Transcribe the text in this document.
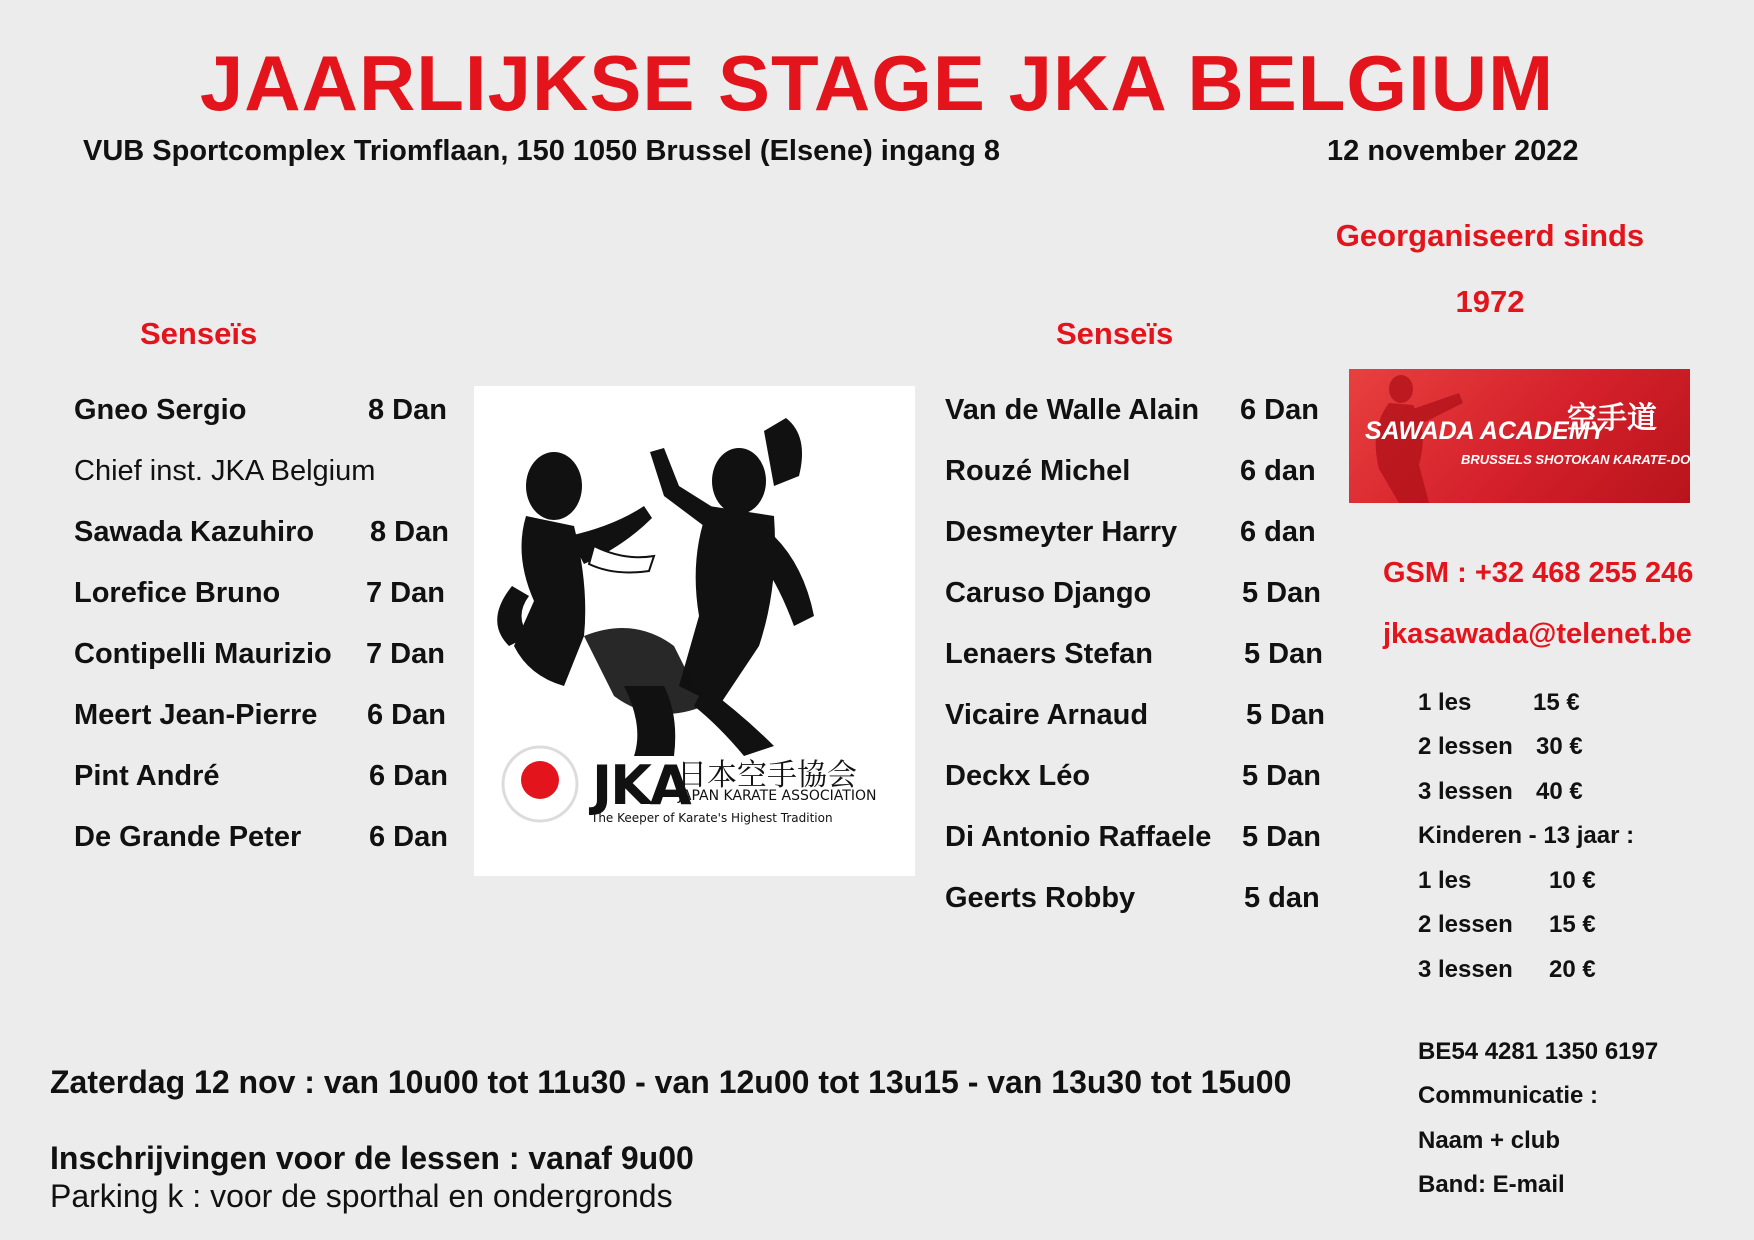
JAARLIJKSE STAGE JKA BELGIUM
VUB Sportcomplex Triomflaan, 150 1050 Brussel (Elsene) ingang 8	12 november 2022
Georganiseerd sinds
1972
Senseïs
Gneo Sergio	8 Dan
Chief inst. JKA Belgium
Sawada Kazuhiro 8 Dan
Lorefice Bruno	7 Dan
Contipelli Maurizio 7 Dan
Meert Jean-Pierre 6 Dan
Pint André	6 Dan
De Grande Peter 6 Dan
JKA
日本空手協会
JAPAN KARATE ASSOCIATION
The Keeper of Karate's Highest Tradition
Senseïs
Van de Walle Alain 6 Dan
Rouzé Michel	6 dan
Desmeyter Harry 6 dan
Caruso Django	5 Dan
Lenaers Stefan	5 Dan
Vicaire Arnaud	5 Dan
Deckx Léo	5 Dan
Di Antonio Raffaele 5 Dan
Geerts Robby	5 dan
SAWADA ACADEMY
BRUSSELS SHOTOKAN KARATE-DO
空手道
GSM : +32 468 255 246
jkasawada@telenet.be
1 les	15 €
2 lessen 30 €
3 lessen 40 €
Kinderen - 13 jaar :
1 les	10 €
2 lessen 15 €
3 lessen 20 €
BE54 4281 1350 6197
Communicatie :
Naam + club
Band: E-mail
Zaterdag 12 nov : van 10u00 tot 11u30 - van 12u00 tot 13u15 - van 13u30 tot 15u00
Inschrijvingen voor de lessen : vanaf 9u00
Parking k : voor de sporthal en ondergronds
